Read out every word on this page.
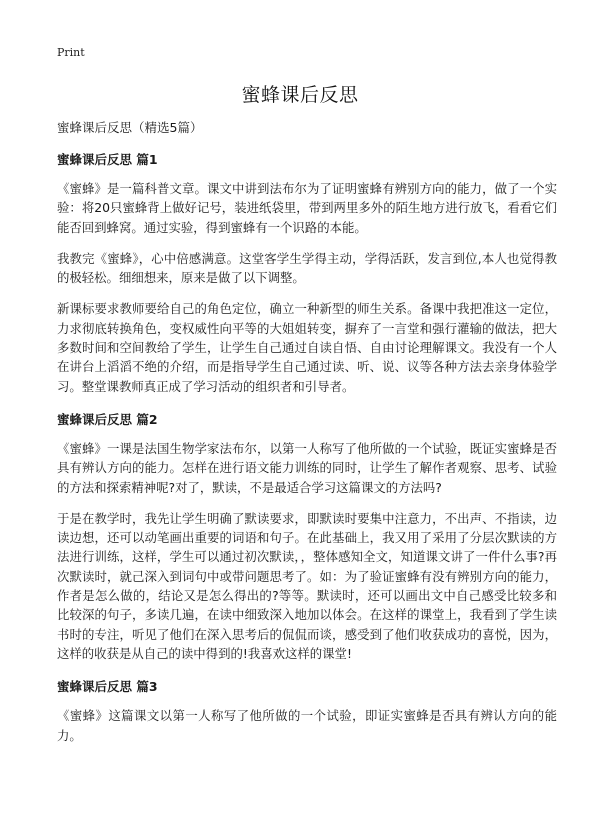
Print
蜜蜂课后反思

蜜蜂课后反思（精选5篇）

蜜蜂课后反思 篇1

《蜜蜂》是一篇科普文章。课文中讲到法布尔为了证明蜜蜂有辨别方向的能力，做了一个实验：将20只蜜蜂背上做好记号，装进纸袋里，带到两里多外的陌生地方进行放飞，看看它们能否回到蜂窝。通过实验，得到蜜蜂有一个识路的本能。

我教完《蜜蜂》，心中倍感满意。这堂客学生学得主动，学得活跃，发言到位,本人也觉得教的极轻松。细细想来，原来是做了以下调整。

新课标要求教师要给自己的角色定位，确立一种新型的师生关系。备课中我把准这一定位，力求彻底转换角色，变权威性向平等的大姐姐转变，摒弃了一言堂和强行灌输的做法，把大多数时间和空间教给了学生，让学生自己通过自读自悟、自由讨论理解课文。我没有一个人在讲台上滔滔不绝的介绍，而是指导学生自己通过读、听、说、议等各种方法去亲身体验学习。整堂课教师真正成了学习活动的组织者和引导者。

蜜蜂课后反思 篇2

《蜜蜂》一课是法国生物学家法布尔，以第一人称写了他所做的一个试验，既证实蜜蜂是否具有辨认方向的能力。怎样在进行语文能力训练的同时，让学生了解作者观察、思考、试验的方法和探索精神呢?对了，默读，不是最适合学习这篇课文的方法吗?

于是在教学时，我先让学生明确了默读要求，即默读时要集中注意力，不出声、不指读，边读边想，还可以动笔画出重要的词语和句子。在此基础上，我又用了采用了分层次默读的方法进行训练，这样，学生可以通过初次默读，，整体感知全文，知道课文讲了一件什么事?再次默读时，就己深入到词句中或带问题思考了。如：为了验证蜜蜂有没有辨别方向的能力，作者是怎么做的，结论又是怎么得出的?等等。默读时，还可以画出文中自己感受比较多和比较深的句子，多读几遍，在读中细致深入地加以体会。在这样的课堂上，我看到了学生读书时的专注，听见了他们在深入思考后的侃侃而谈，感受到了他们收获成功的喜悦，因为，这样的收获是从自己的读中得到的!我喜欢这样的课堂!

蜜蜂课后反思 篇3

《蜜蜂》这篇课文以第一人称写了他所做的一个试验，即证实蜜蜂是否具有辨认方向的能力。
